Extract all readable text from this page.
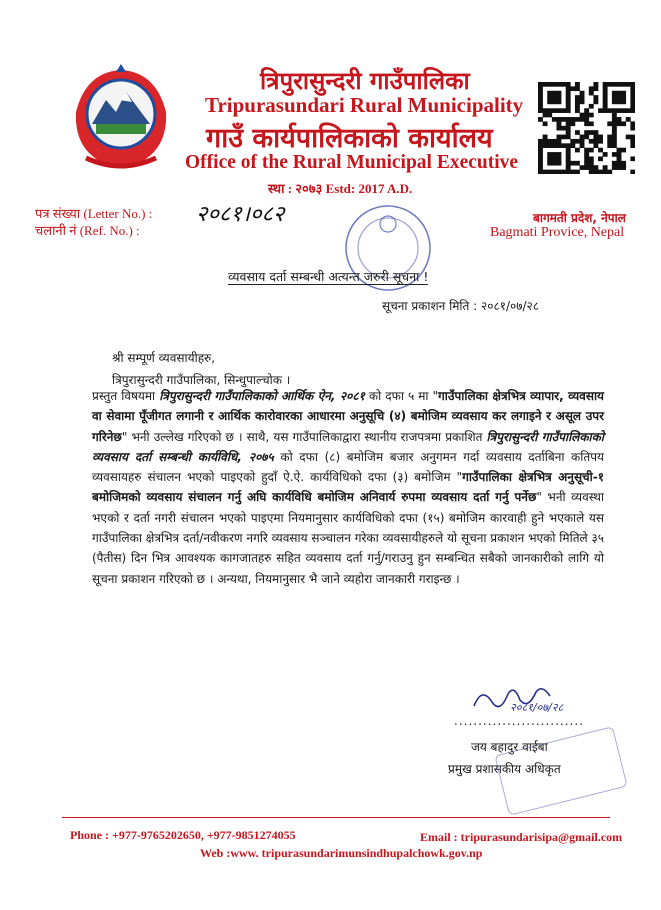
त्रिपुरासुन्दरी गाउँपालिका
Tripurasundari Rural Municipality
गाउँ कार्यपालिकाको कार्यालय
Office of the Rural Municipal Executive
स्था : २०७३ Estd: 2017 A.D.
पत्र संख्या (Letter No.) : २०८१।०८२
चलानी नं (Ref. No.) :
बागमती प्रदेश, नेपाल
Bagmati Provice, Nepal
व्यवसाय दर्ता सम्बन्धी अत्यन्त जरुरी सूचना !
सूचना प्रकाशन मिति : २०८१/०७/२८
श्री सम्पूर्ण व्यवसायीहरु,
त्रिपुरासुन्दरी गाउँपालिका, सिन्धुपाल्चोक ।
प्रस्तुत विषयमा त्रिपुरासुन्दरी गाउँपालिकाको आर्थिक ऐन, २०८१ को दफा ५ मा "गाउँपालिका क्षेत्रभित्र व्यापार, व्यवसाय वा सेवामा पूँजीगत लगानी र आर्थिक कारोवारका आधारमा अनुसूचि (४) बमोजिम व्यवसाय कर लगाइने र असूल उपर गरिनेछ" भनी उल्लेख गरिएको छ । साथै, यस गाउँपालिकाद्वारा स्थानीय राजपत्रमा प्रकाशित त्रिपुरासुन्दरी गाउँपालिकाको व्यवसाय दर्ता सम्बन्धी कार्यविधि, २०७५ को दफा (८) बमोजिम बजार अनुगमन गर्दा व्यवसाय दर्ताबिना कतिपय व्यवसायहरु संचालन भएको पाइएको हुदाँ ऐ.ऐ. कार्यविधिको दफा (३) बमोजिम "गाउँपालिका क्षेत्रभित्र अनुसूची-१ बमोजिमको व्यवसाय संचालन गर्नु अघि कार्यविधि बमोजिम अनिवार्य रुपमा व्यवसाय दर्ता गर्नु पर्नेछ" भनी व्यवस्था भएको र दर्ता नगरी संचालन भएको पाइएमा नियमानुसार कार्यविधिको दफा (१५) बमोजिम कारवाही हुने भएकाले यस गाउँपालिका क्षेत्रभित्र दर्ता/नवीकरण नगरि व्यवसाय सञ्चालन गरेका व्यवसायीहरुले यो सूचना प्रकाशन भएको मितिले ३५ (पैतीस) दिन भित्र आवश्यक कागजातहरु सहित व्यवसाय दर्ता गर्नु/गराउनु हुन सम्बन्धित सबैको जानकारीको लागि यो सूचना प्रकाशन गरिएको छ । अन्यथा, नियमानुसार भै जाने व्यहोरा जानकारी गराइन्छ ।
२०८१/०७/२८
...........................
जय बहादुर वाईबा
प्रमुख प्रशासकीय अधिकृत
Phone : +977-9765202650, +977-9851274055	Email : tripurasundarisipa@gmail.com
Web :www. tripurasundarimunsindhupalchowk.gov.np
